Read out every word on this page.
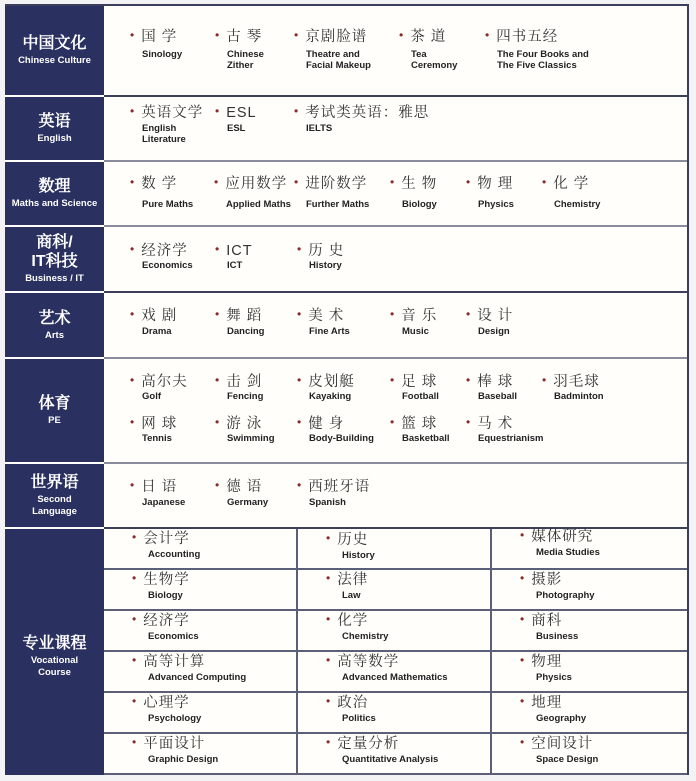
中国文化
Chinese Culture
• 国 学
Sinology
• 古 琴
Chinese Zither
• 京剧脸谱
Theatre and Facial Makeup
• 茶 道
Tea Ceremony
• 四书五经
The Four Books and The Five Classics
英语
English
• 英语文学
English Literature
• ESL
ESL
• 考试类英语：雅思
IELTS
数理
Maths and Science
• 数 学
Pure Maths
• 应用数学
Applied Maths
• 进阶数学
Further Maths
• 生 物
Biology
• 物 理
Physics
• 化 学
Chemistry
商科/
IT科技
Business / IT
• 经济学
Economics
• ICT
ICT
• 历 史
History
艺术
Arts
• 戏 剧
Drama
• 舞 蹈
Dancing
• 美 术
Fine Arts
• 音 乐
Music
• 设 计
Design
体育
PE
• 高尔夫
Golf
• 击 剑
Fencing
• 皮划艇
Kayaking
• 足 球
Football
• 棒 球
Baseball
• 羽毛球
Badminton
• 网 球
Tennis
• 游 泳
Swimming
• 健 身
Body-Building
• 篮 球
Basketball
• 马 术
Equestrianism
世界语
Second Language
• 日 语
Japanese
• 德 语
Germany
• 西班牙语
Spanish
专业课程
Vocational Course
• 会计学
Accounting
• 历史
History
• 媒体研究
Media Studies
• 生物学
Biology
• 法律
Law
• 摄影
Photography
• 经济学
Economics
• 化学
Chemistry
• 商科
Business
• 高等计算
Advanced Computing
• 高等数学
Advanced Mathematics
• 物理
Physics
• 心理学
Psychology
• 政治
Politics
• 地理
Geography
• 平面设计
Graphic Design
• 定量分析
Quantitative Analysis
• 空间设计
Space Design
